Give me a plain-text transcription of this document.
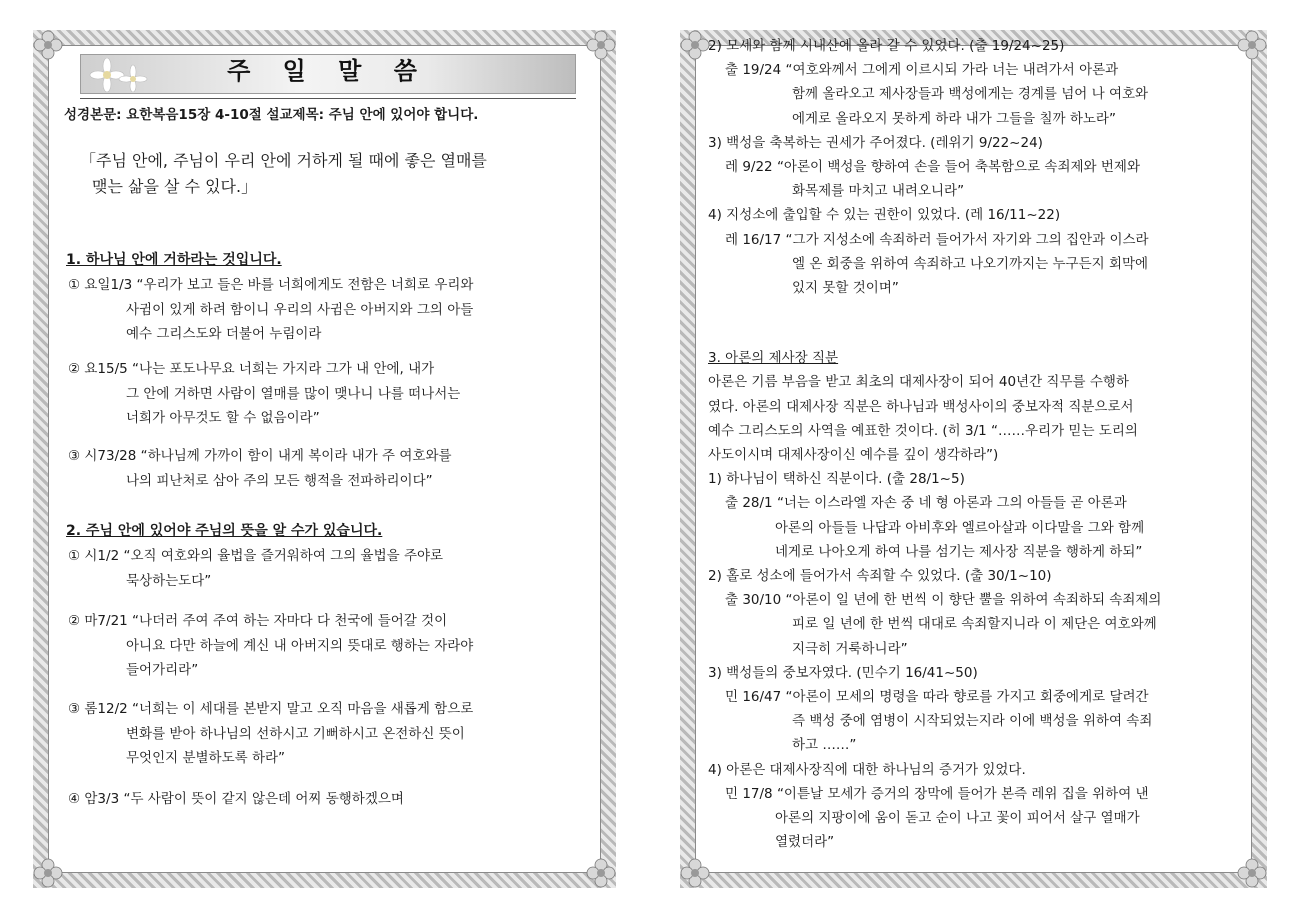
주 일 말 씀
성경본문: 요한복음15장 4-10절 설교제목: 주님 안에 있어야 합니다.
「주님 안에, 주님이 우리 안에 거하게 될 때에 좋은 열매를
맺는 삶을 살 수 있다.」
1. 하나님 안에 거하라는 것입니다.
① 요일1/3 “우리가 보고 들은 바를 너희에게도 전함은 너희로 우리와
사귐이 있게 하려 함이니 우리의 사귐은 아버지와 그의 아들
예수 그리스도와 더불어 누림이라
② 요15/5 “나는 포도나무요 너희는 가지라 그가 내 안에, 내가
그 안에 거하면 사람이 열매를 많이 맺나니 나를 떠나서는
너희가 아무것도 할 수 없음이라”
③ 시73/28 “하나님께 가까이 함이 내게 복이라 내가 주 여호와를
나의 피난처로 삼아 주의 모든 행적을 전파하리이다”
2. 주님 안에 있어야 주님의 뜻을 알 수가 있습니다.
① 시1/2 “오직 여호와의 율법을 즐거워하여 그의 율법을 주야로
묵상하는도다”
② 마7/21 “나더러 주여 주여 하는 자마다 다 천국에 들어갈 것이
아니요 다만 하늘에 계신 내 아버지의 뜻대로 행하는 자라야
들어가리라”
③ 롬12/2 “너희는 이 세대를 본받지 말고 오직 마음을 새롭게 함으로
변화를 받아 하나님의 선하시고 기뻐하시고 온전하신 뜻이
무엇인지 분별하도록 하라”
④ 암3/3 “두 사람이 뜻이 같지 않은데 어찌 동행하겠으며
2) 모세와 함께 시내산에 올라 갈 수 있었다. (출 19/24~25)
출 19/24 “여호와께서 그에게 이르시되 가라 너는 내려가서 아론과
함께 올라오고 제사장들과 백성에게는 경계를 넘어 나 여호와
에게로 올라오지 못하게 하라 내가 그들을 칠까 하노라”
3) 백성을 축복하는 권세가 주어졌다. (레위기 9/22~24)
레 9/22 “아론이 백성을 향하여 손을 들어 축복함으로 속죄제와 번제와
화목제를 마치고 내려오니라”
4) 지성소에 출입할 수 있는 권한이 있었다. (레 16/11~22)
레 16/17 “그가 지성소에 속죄하러 들어가서 자기와 그의 집안과 이스라
엘 온 회중을 위하여 속죄하고 나오기까지는 누구든지 회막에
있지 못할 것이며”
3. 아론의 제사장 직분
아론은 기름 부음을 받고 최초의 대제사장이 되어 40년간 직무를 수행하
였다. 아론의 대제사장 직분은 하나님과 백성사이의 중보자적 직분으로서
예수 그리스도의 사역을 예표한 것이다. (히 3/1 “……우리가 믿는 도리의
사도이시며 대제사장이신 예수를 깊이 생각하라”)
1) 하나님이 택하신 직분이다. (출 28/1~5)
출 28/1 “너는 이스라엘 자손 중 네 형 아론과 그의 아들들 곧 아론과
아론의 아들들 나답과 아비후와 엘르아살과 이다말을 그와 함께
네게로 나아오게 하여 나를 섬기는 제사장 직분을 행하게 하되”
2) 홀로 성소에 들어가서 속죄할 수 있었다. (출 30/1~10)
출 30/10 “아론이 일 년에 한 번씩 이 향단 뿔을 위하여 속죄하되 속죄제의
피로 일 년에 한 번씩 대대로 속죄할지니라 이 제단은 여호와께
지극히 거룩하니라”
3) 백성들의 중보자였다. (민수기 16/41~50)
민 16/47 “아론이 모세의 명령을 따라 향로를 가지고 회중에게로 달려간
즉 백성 중에 염병이 시작되었는지라 이에 백성을 위하여 속죄
하고 ……”
4) 아론은 대제사장직에 대한 하나님의 증거가 있었다.
민 17/8 “이튿날 모세가 증거의 장막에 들어가 본즉 레위 집을 위하여 낸
아론의 지팡이에 움이 돋고 순이 나고 꽃이 피어서 살구 열매가
열렸더라”
